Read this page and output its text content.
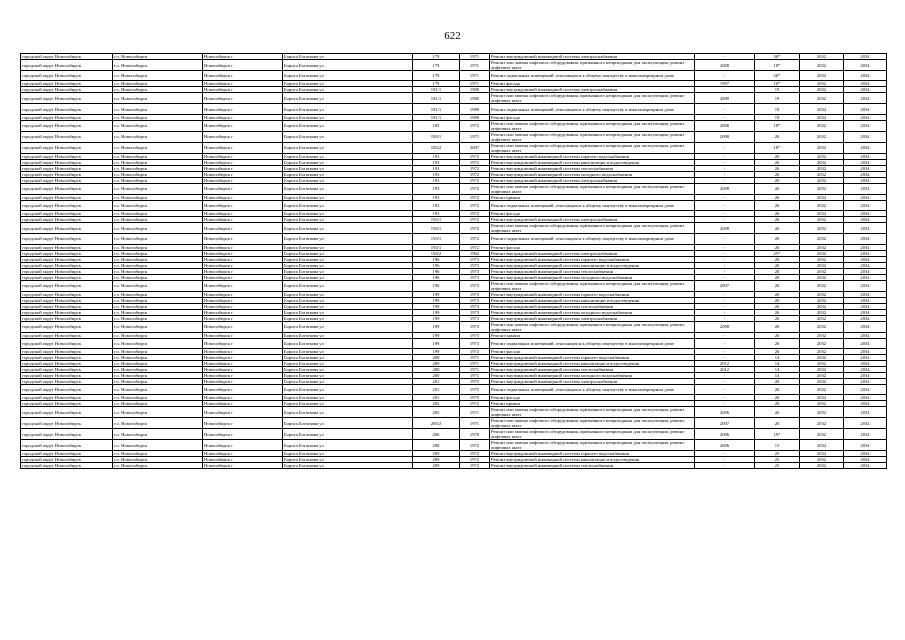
622
городской округ Новосибирск	г.о. Новосибирск	Новосибирск г	Бориса Богаткова ул	179	1971	Ремонт внутридомовой инженерной системы электроснабжения	-	30*	2032	2034
городской округ Новосибирск	г.о. Новосибирск	Новосибирск г	Бориса Богаткова ул	179	1971	Ремонт или замена лифтового оборудования, признанного непригодным для эксплуатации, ремонт лифтовых шахт	2008	18*	2032	2034
городской округ Новосибирск	г.о. Новосибирск	Новосибирск г	Бориса Богаткова ул	179	1971	Ремонт подвальных помещений, относящихся к общему имуществу в многоквартирном доме	-	26*	2032	2034
городской округ Новосибирск	г.о. Новосибирск	Новосибирск г	Бориса Богаткова ул	179	1971	Ремонт фасада	1997	10*	2032	2034
городской округ Новосибирск	г.о. Новосибирск	Новосибирск г	Бориса Богаткова ул	181/1	1980	Ремонт внутридомовой инженерной системы электроснабжения	-	19	2032	2034
городской округ Новосибирск	г.о. Новосибирск	Новосибирск г	Бориса Богаткова ул	181/1	1980	Ремонт или замена лифтового оборудования, признанного непригодным для эксплуатации, ремонт лифтовых шахт	2009	19	2032	2034
городской округ Новосибирск	г.о. Новосибирск	Новосибирск г	Бориса Богаткова ул	181/1	1980	Ремонт подвальных помещений, относящихся к общему имуществу в многоквартирном доме	-	19	2032	2034
городской округ Новосибирск	г.о. Новосибирск	Новосибирск г	Бориса Богаткова ул	181/1	1980	Ремонт фасада	-	19	2032	2034
городской округ Новосибирск	г.о. Новосибирск	Новосибирск г	Бориса Богаткова ул	185	1972	Ремонт или замена лифтового оборудования, признанного непригодным для эксплуатации, ремонт лифтовых шахт	2008	18*	2032	2034
городской округ Новосибирск	г.о. Новосибирск	Новосибирск г	Бориса Богаткова ул	183/1	1971	Ремонт или замена лифтового оборудования, признанного непригодным для эксплуатации, ремонт лифтовых шахт	2008	26	2032	2034
городской округ Новосибирск	г.о. Новосибирск	Новосибирск г	Бориса Богаткова ул	183/2	2007	Ремонт или замена лифтового оборудования, признанного непригодным для эксплуатации, ремонт лифтовых шахт	-	18*	2032	2034
городской округ Новосибирск	г.о. Новосибирск	Новосибирск г	Бориса Богаткова ул	193	1972	Ремонт внутридомовой инженерной системы горячего водоснабжения	-	26	2032	2034
городской округ Новосибирск	г.о. Новосибирск	Новосибирск г	Бориса Богаткова ул	193	1972	Ремонт внутридомовой инженерной системы канализации и водоотведения	-	26	2032	2034
городской округ Новосибирск	г.о. Новосибирск	Новосибирск г	Бориса Богаткова ул	193	1972	Ремонт внутридомовой инженерной системы теплоснабжения	-	26	2032	2034
городской округ Новосибирск	г.о. Новосибирск	Новосибирск г	Бориса Богаткова ул	193	1972	Ремонт внутридомовой инженерной системы холодного водоснабжения	-	26	2032	2034
городской округ Новосибирск	г.о. Новосибирск	Новосибирск г	Бориса Богаткова ул	193	1972	Ремонт внутридомовой инженерной системы электроснабжения	-	26	2032	2034
городской округ Новосибирск	г.о. Новосибирск	Новосибирск г	Бориса Богаткова ул	193	1972	Ремонт или замена лифтового оборудования, признанного непригодным для эксплуатации, ремонт лифтовых шахт	2008	26	2032	2034
городской округ Новосибирск	г.о. Новосибирск	Новосибирск г	Бориса Богаткова ул	193	1972	Ремонт крыши	-	26	2032	2034
городской округ Новосибирск	г.о. Новосибирск	Новосибирск г	Бориса Богаткова ул	193	1972	Ремонт подвальных помещений, относящихся к общему имуществу в многоквартирном доме	-	26	2032	2034
городской округ Новосибирск	г.о. Новосибирск	Новосибирск г	Бориса Богаткова ул	193	1972	Ремонт фасада	-	26	2032	2034
городской округ Новосибирск	г.о. Новосибирск	Новосибирск г	Бориса Богаткова ул	193/1	1972	Ремонт внутридомовой инженерной системы электроснабжения	-	26	2032	2034
городской округ Новосибирск	г.о. Новосибирск	Новосибирск г	Бориса Богаткова ул	193/1	1972	Ремонт или замена лифтового оборудования, признанного непригодным для эксплуатации, ремонт лифтовых шахт	2008	26	2032	2034
городской округ Новосибирск	г.о. Новосибирск	Новосибирск г	Бориса Богаткова ул	193/1	1972	Ремонт подвальных помещений, относящихся к общему имуществу в многоквартирном доме	-	26	2032	2034
городской округ Новосибирск	г.о. Новосибирск	Новосибирск г	Бориса Богаткова ул	193/1	1972	Ремонт фасада	-	26	2032	2034
городской округ Новосибирск	г.о. Новосибирск	Новосибирск г	Бориса Богаткова ул	194/2	1962	Ремонт внутридомовой инженерной системы электроснабжения	-	25*	2032	2034
городской округ Новосибирск	г.о. Новосибирск	Новосибирск г	Бориса Богаткова ул	196	1973	Ремонт внутридомовой инженерной системы горячего водоснабжения	-	20	2032	2034
городской округ Новосибирск	г.о. Новосибирск	Новосибирск г	Бориса Богаткова ул	196	1973	Ремонт внутридомовой инженерной системы канализации и водоотведения	-	20	2032	2034
городской округ Новосибирск	г.о. Новосибирск	Новосибирск г	Бориса Богаткова ул	196	1973	Ремонт внутридомовой инженерной системы теплоснабжения	-	20	2032	2034
городской округ Новосибирск	г.о. Новосибирск	Новосибирск г	Бориса Богаткова ул	196	1973	Ремонт внутридомовой инженерной системы холодного водоснабжения	-	20	2032	2034
городской округ Новосибирск	г.о. Новосибирск	Новосибирск г	Бориса Богаткова ул	196	1973	Ремонт или замена лифтового оборудования, признанного непригодным для эксплуатации, ремонт лифтовых шахт	2007	20	2032	2034
городской округ Новосибирск	г.о. Новосибирск	Новосибирск г	Бориса Богаткова ул	199	1973	Ремонт внутридомовой инженерной системы горячего водоснабжения	-	26	2032	2034
городской округ Новосибирск	г.о. Новосибирск	Новосибирск г	Бориса Богаткова ул	199	1973	Ремонт внутридомовой инженерной системы канализации и водоотведения	-	26	2032	2034
городской округ Новосибирск	г.о. Новосибирск	Новосибирск г	Бориса Богаткова ул	199	1973	Ремонт внутридомовой инженерной системы теплоснабжения	-	26	2032	2034
городской округ Новосибирск	г.о. Новосибирск	Новосибирск г	Бориса Богаткова ул	199	1973	Ремонт внутридомовой инженерной системы холодного водоснабжения	-	26	2032	2034
городской округ Новосибирск	г.о. Новосибирск	Новосибирск г	Бориса Богаткова ул	199	1973	Ремонт внутридомовой инженерной системы электроснабжения	-	26	2032	2034
городской округ Новосибирск	г.о. Новосибирск	Новосибирск г	Бориса Богаткова ул	199	1973	Ремонт или замена лифтового оборудования, признанного непригодным для эксплуатации, ремонт лифтовых шахт	2008	26	2032	2034
городской округ Новосибирск	г.о. Новосибирск	Новосибирск г	Бориса Богаткова ул	199	1973	Ремонт крыши	-	26	2032	2034
городской округ Новосибирск	г.о. Новосибирск	Новосибирск г	Бориса Богаткова ул	199	1973	Ремонт подвальных помещений, относящихся к общему имуществу в многоквартирном доме	-	26	2032	2034
городской округ Новосибирск	г.о. Новосибирск	Новосибирск г	Бориса Богаткова ул	199	1973	Ремонт фасада	-	26	2032	2034
городской округ Новосибирск	г.о. Новосибирск	Новосибирск г	Бориса Богаткова ул	200	1971	Ремонт внутридомовой инженерной системы горячего водоснабжения	-	14	2032	2034
городской округ Новосибирск	г.о. Новосибирск	Новосибирск г	Бориса Богаткова ул	200	1971	Ремонт внутридомовой инженерной системы канализации и водоотведения	2012	14	2032	2034
городской округ Новосибирск	г.о. Новосибирск	Новосибирск г	Бориса Богаткова ул	200	1971	Ремонт внутридомовой инженерной системы теплоснабжения	2012	14	2032	2034
городской округ Новосибирск	г.о. Новосибирск	Новосибирск г	Бориса Богаткова ул	200	1971	Ремонт внутридомовой инженерной системы холодного водоснабжения	-	14	2032	2034
городской округ Новосибирск	г.о. Новосибирск	Новосибирск г	Бориса Богаткова ул	201	1975	Ремонт внутридомовой инженерной системы электроснабжения	-	20	2032	2034
городской округ Новосибирск	г.о. Новосибирск	Новосибирск г	Бориса Богаткова ул	201	1975	Ремонт подвальных помещений, относящихся к общему имуществу в многоквартирном доме	-	20	2032	2034
городской округ Новосибирск	г.о. Новосибирск	Новосибирск г	Бориса Богаткова ул	201	1975	Ремонт фасада	-	20	2032	2034
городской округ Новосибирск	г.о. Новосибирск	Новосибирск г	Бориса Богаткова ул	202	1972	Ремонт крыши	-	20	2032	2034
городской округ Новосибирск	г.о. Новосибирск	Новосибирск г	Бориса Богаткова ул	205	1971	Ремонт или замена лифтового оборудования, признанного непригодным для эксплуатации, ремонт лифтовых шахт	2006	26	2032	2034
городской округ Новосибирск	г.о. Новосибирск	Новосибирск г	Бориса Богаткова ул	205/2	1971	Ремонт или замена лифтового оборудования, признанного непригодным для эксплуатации, ремонт лифтовых шахт	2007	20	2032	2034
городской округ Новосибирск	г.о. Новосибирск	Новосибирск г	Бориса Богаткова ул	206	1978	Ремонт или замена лифтового оборудования, признанного непригодным для эксплуатации, ремонт лифтовых шахт	2006	19*	2032	2034
городской округ Новосибирск	г.о. Новосибирск	Новосибирск г	Бориса Богаткова ул	208	1972	Ремонт или замена лифтового оборудования, признанного непригодным для эксплуатации, ремонт лифтовых шахт	2006	13	2032	2034
городской округ Новосибирск	г.о. Новосибирск	Новосибирск г	Бориса Богаткова ул	209	1972	Ремонт внутридомовой инженерной системы горячего водоснабжения	-	25	2032	2034
городской округ Новосибирск	г.о. Новосибирск	Новосибирск г	Бориса Богаткова ул	209	1972	Ремонт внутридомовой инженерной системы канализации и водоотведения	-	25	2032	2034
городской округ Новосибирск	г.о. Новосибирск	Новосибирск г	Бориса Богаткова ул	209	1972	Ремонт внутридомовой инженерной системы теплоснабжения	-	25	2032	2034
